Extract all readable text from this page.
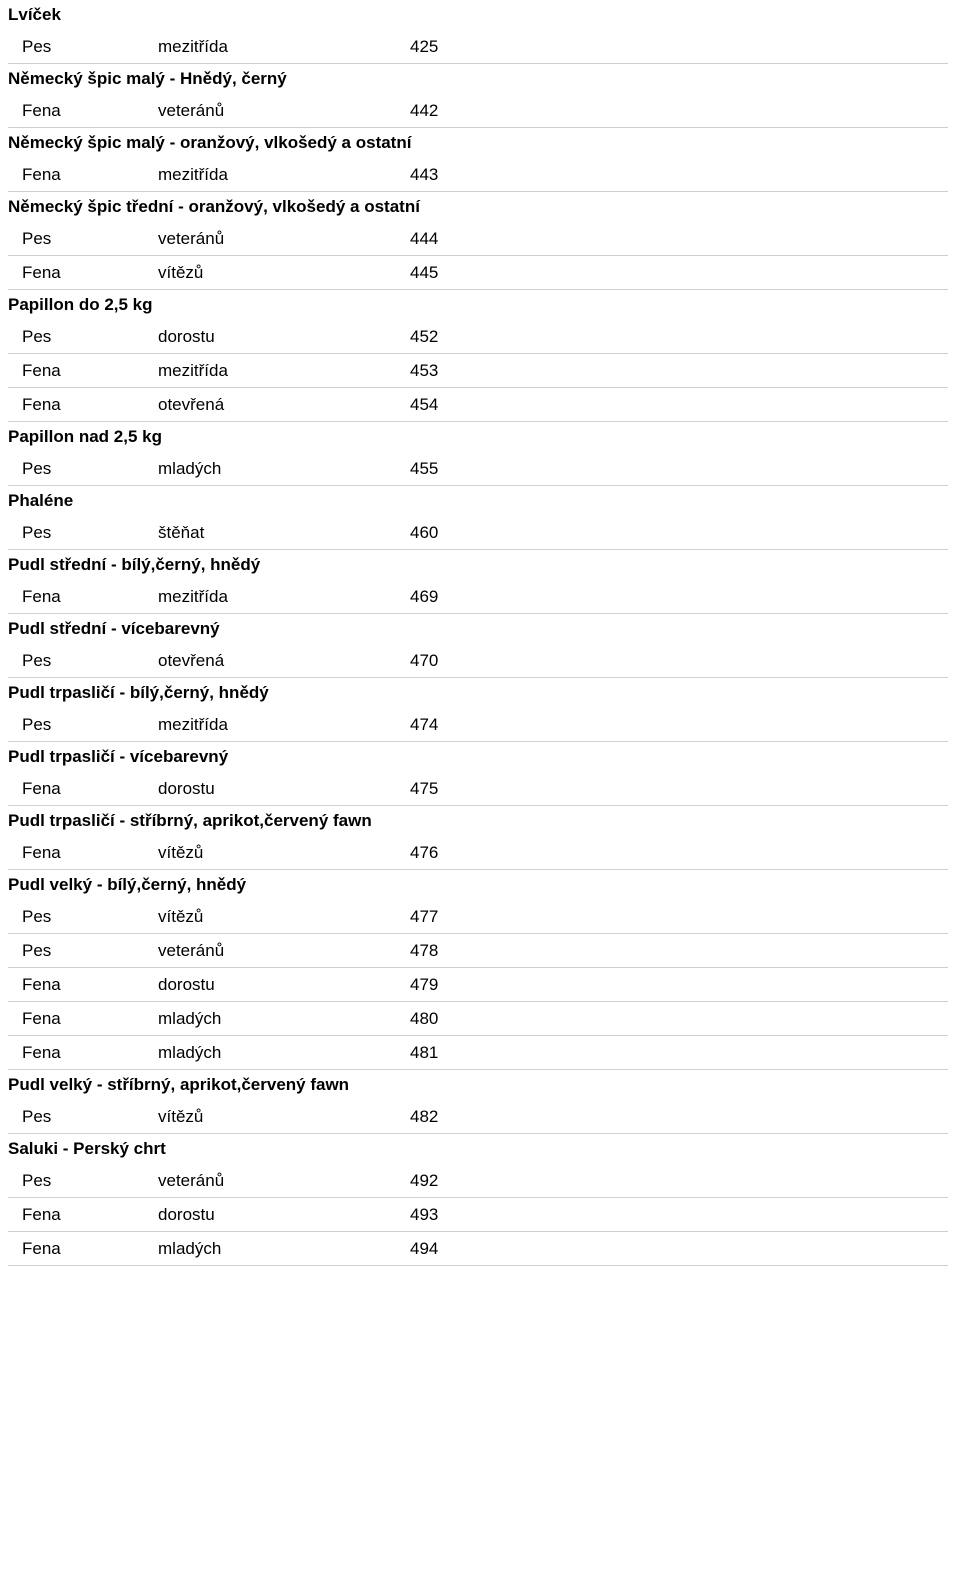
Lvíček
Pes	mezitřída	425
Německý špic malý - Hnědý, černý
Fena	veteránů	442
Německý špic malý - oranžový, vlkošedý a ostatní
Fena	mezitřída	443
Německý špic třední - oranžový, vlkošedý a ostatní
Pes	veteránů	444
Fena	vítězů	445
Papillon do 2,5 kg
Pes	dorostu	452
Fena	mezitřída	453
Fena	otevřená	454
Papillon nad 2,5 kg
Pes	mladých	455
Phaléne
Pes	štěňat	460
Pudl střední - bílý,černý, hnědý
Fena	mezitřída	469
Pudl střední - vícebarevný
Pes	otevřená	470
Pudl trpasličí - bílý,černý, hnědý
Pes	mezitřída	474
Pudl trpasličí - vícebarevný
Fena	dorostu	475
Pudl trpasličí - stříbrný, aprikot,červený fawn
Fena	vítězů	476
Pudl velký - bílý,černý, hnědý
Pes	vítězů	477
Pes	veteránů	478
Fena	dorostu	479
Fena	mladých	480
Fena	mladých	481
Pudl velký - stříbrný, aprikot,červený fawn
Pes	vítězů	482
Saluki - Perský chrt
Pes	veteránů	492
Fena	dorostu	493
Fena	mladých	494
